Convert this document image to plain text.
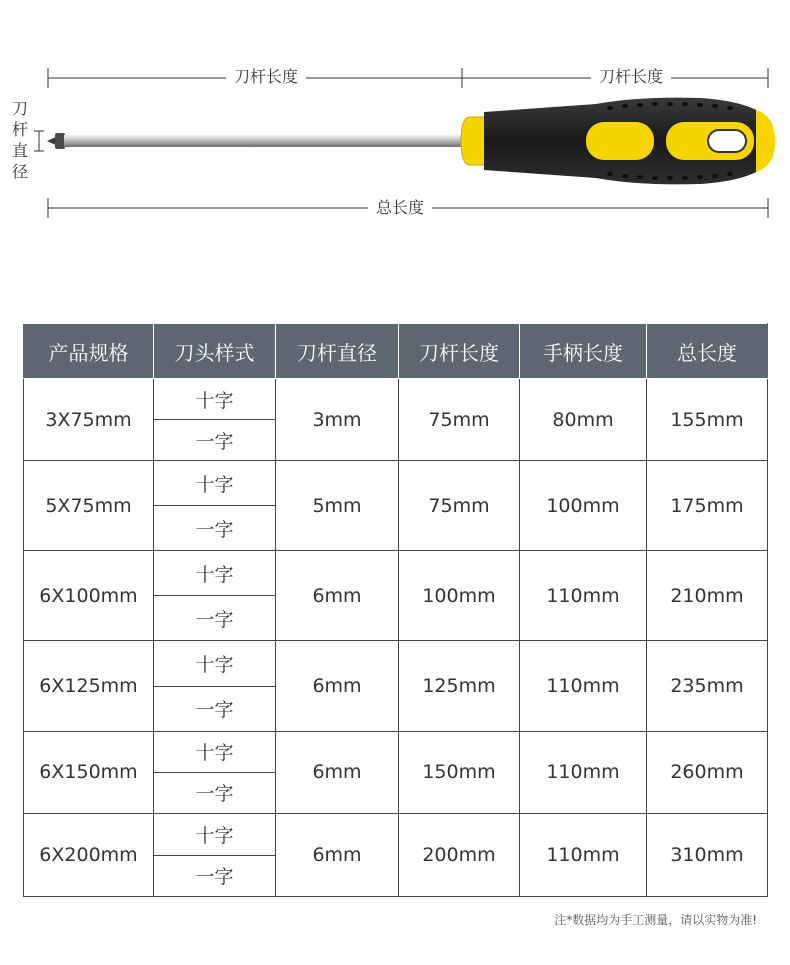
刀杆长度	刀杆长度
总长度
刀
杆
直
径
产品规格	刀头样式	刀杆直径	刀杆长度	手柄长度	总长度
3X75mm	十字	3mm	75mm	80mm	155mm
	一字				
5X75mm	十字	5mm	75mm	100mm	175mm
	一字				
6X100mm	十字	6mm	100mm	110mm	210mm
	一字				
6X125mm	十字	6mm	125mm	110mm	235mm
	一字				
6X150mm	十字	6mm	150mm	110mm	260mm
	一字				
6X200mm	十字	6mm	200mm	110mm	310mm
	一字				
注*数据均为手工测量，请以实物为准!
